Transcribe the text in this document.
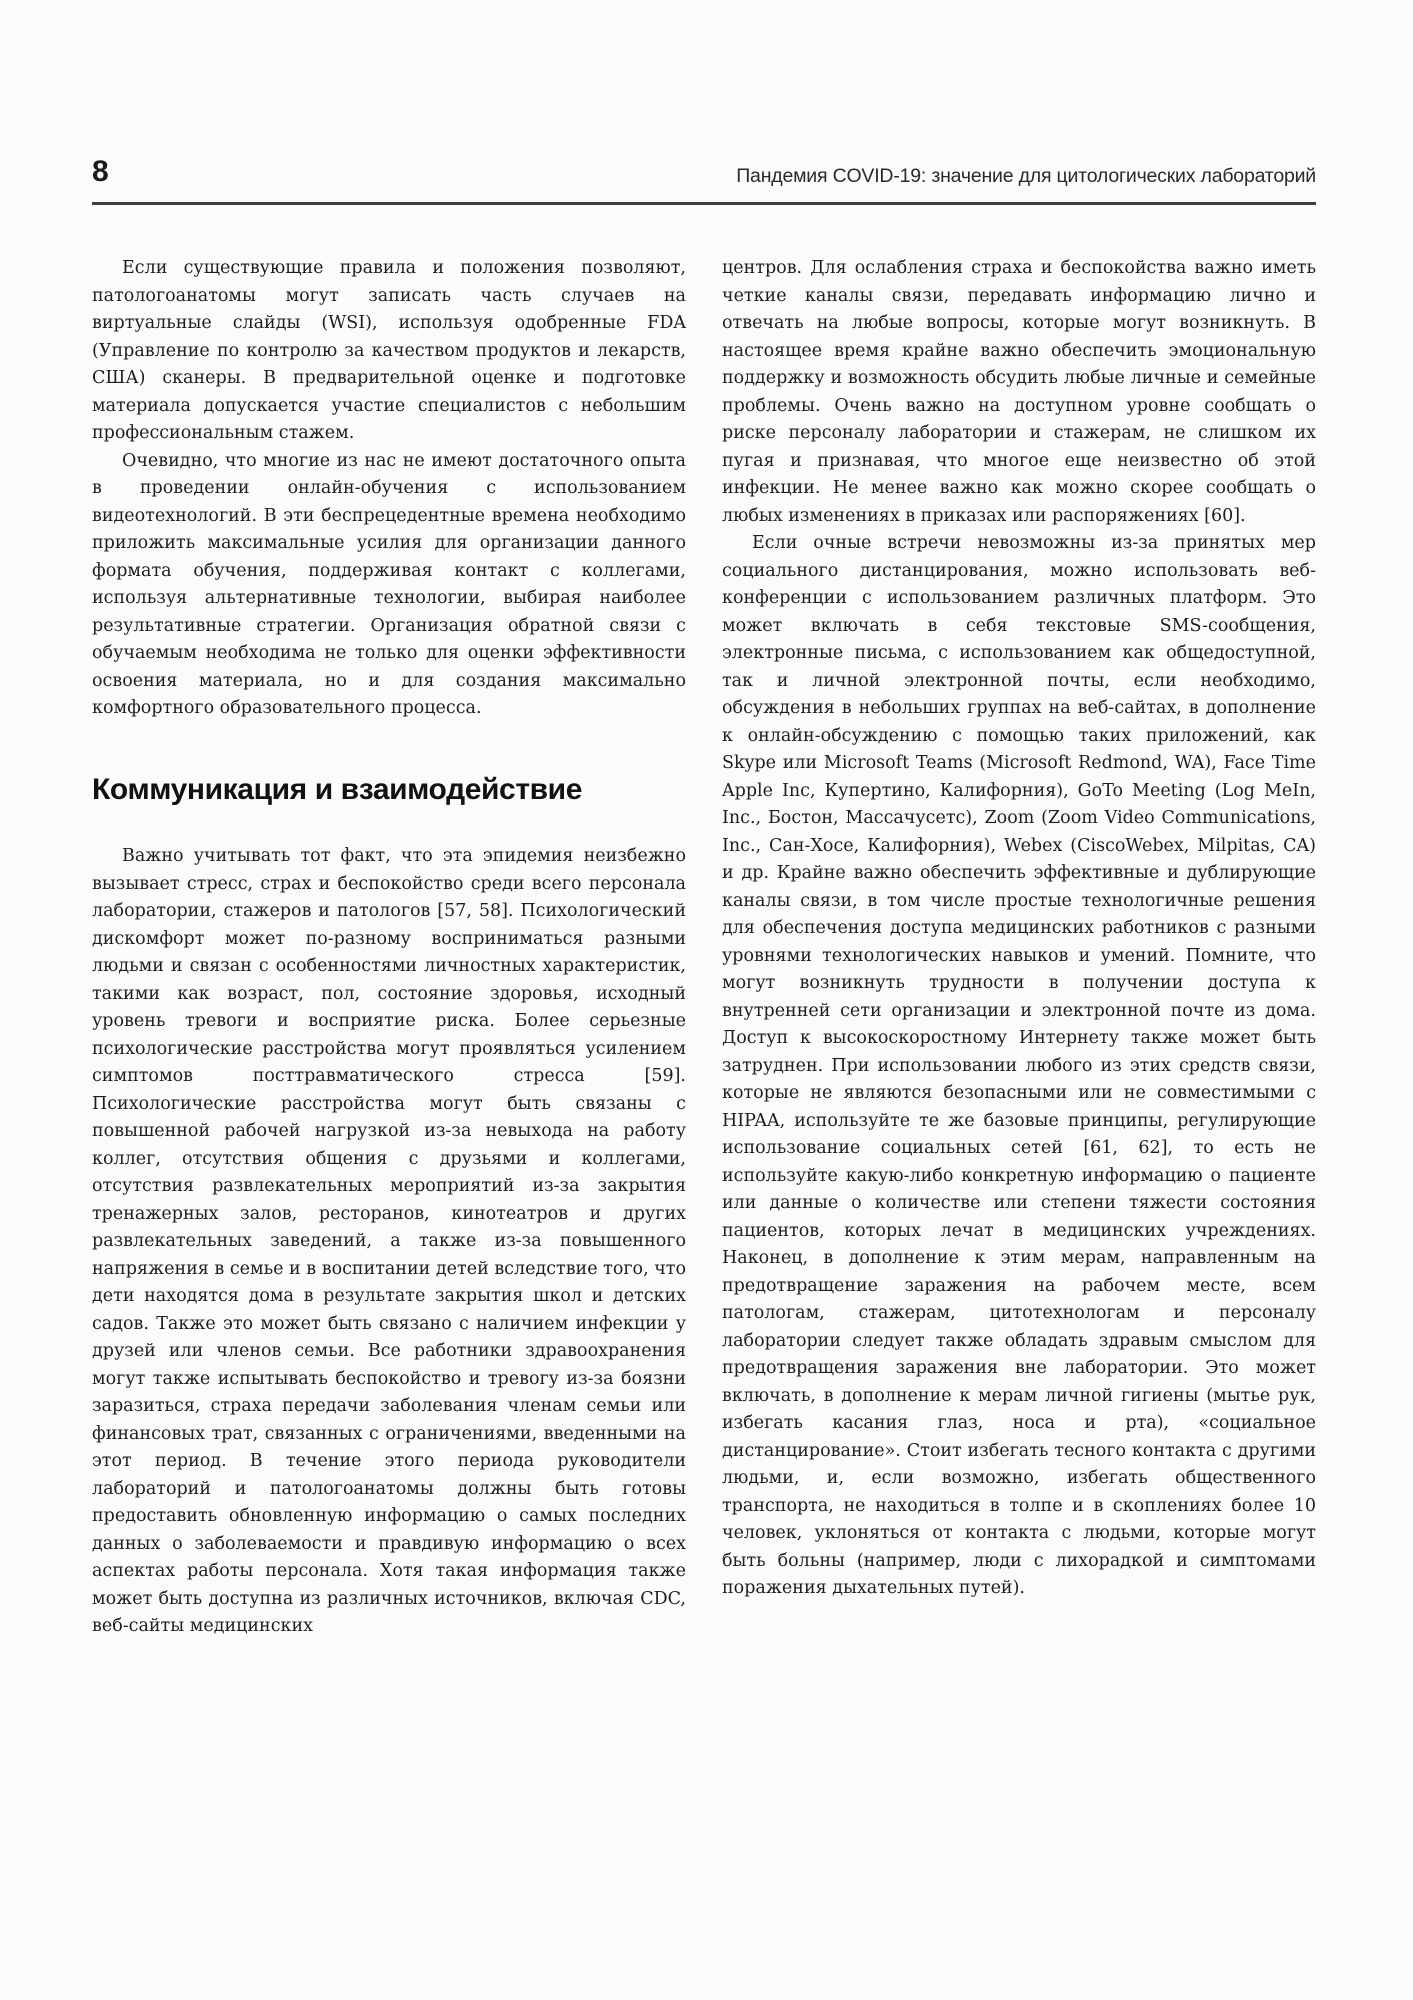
8	Пандемия COVID-19: значение для цитологических лабораторий

Если существующие правила и положения позволяют, патологоанатомы могут записать часть случаев на виртуальные слайды (WSI), используя одобренные FDA (Управление по контролю за качеством продуктов и лекарств, США) сканеры. В предварительной оценке и подготовке материала допускается участие специалистов с небольшим профессиональным стажем.

Очевидно, что многие из нас не имеют достаточного опыта в проведении онлайн-обучения с использованием видеотехнологий. В эти беспрецедентные времена необходимо приложить максимальные усилия для организации данного формата обучения, поддерживая контакт с коллегами, используя альтернативные технологии, выбирая наиболее результативные стратегии. Организация обратной связи с обучаемым необходима не только для оценки эффективности освоения материала, но и для создания максимально комфортного образовательного процесса.

Коммуникация и взаимодействие

Важно учитывать тот факт, что эта эпидемия неизбежно вызывает стресс, страх и беспокойство среди всего персонала лаборатории, стажеров и патологов [57, 58]. Психологический дискомфорт может по-разному восприниматься разными людьми и связан с особенностями личностных характеристик, такими как возраст, пол, состояние здоровья, исходный уровень тревоги и восприятие риска. Более серьезные психологические расстройства могут проявляться усилением симптомов посттравматического стресса [59]. Психологические расстройства могут быть связаны с повышенной рабочей нагрузкой из-за невыхода на работу коллег, отсутствия общения с друзьями и коллегами, отсутствия развлекательных мероприятий из-за закрытия тренажерных залов, ресторанов, кинотеатров и других развлекательных заведений, а также из-за повышенного напряжения в семье и в воспитании детей вследствие того, что дети находятся дома в результате закрытия школ и детских садов. Также это может быть связано с наличием инфекции у друзей или членов семьи. Все работники здравоохранения могут также испытывать беспокойство и тревогу из-за боязни заразиться, страха передачи заболевания членам семьи или финансовых трат, связанных с ограничениями, введенными на этот период. В течение этого периода руководители лабораторий и патологоанатомы должны быть готовы предоставить обновленную информацию о самых последних данных о заболеваемости и правдивую информацию о всех аспектах работы персонала. Хотя такая информация также может быть доступна из различных источников, включая CDC, веб-сайты медицинских

центров. Для ослабления страха и беспокойства важно иметь четкие каналы связи, передавать информацию лично и отвечать на любые вопросы, которые могут возникнуть. В настоящее время крайне важно обеспечить эмоциональную поддержку и возможность обсудить любые личные и семейные проблемы. Очень важно на доступном уровне сообщать о риске персоналу лаборатории и стажерам, не слишком их пугая и признавая, что многое еще неизвестно об этой инфекции. Не менее важно как можно скорее сообщать о любых изменениях в приказах или распоряжениях [60].

Если очные встречи невозможны из-за принятых мер социального дистанцирования, можно использовать веб-конференции с использованием различных платформ. Это может включать в себя текстовые SMS-сообщения, электронные письма, с использованием как общедоступной, так и личной электронной почты, если необходимо, обсуждения в небольших группах на веб-сайтах, в дополнение к онлайн-обсуждению с помощью таких приложений, как Skype или Microsoft Teams (Microsoft Redmond, WA), Face Time Apple Inc, Купертино, Калифорния), GoTo Meeting (Log MeIn, Inc., Бостон, Массачусетс), Zoom (Zoom Video Communications, Inc., Сан-Хосе, Калифорния), Webex (CiscoWebex, Milpitas, CA) и др. Крайне важно обеспечить эффективные и дублирующие каналы связи, в том числе простые технологичные решения для обеспечения доступа медицинских работников с разными уровнями технологических навыков и умений. Помните, что могут возникнуть трудности в получении доступа к внутренней сети организации и электронной почте из дома. Доступ к высокоскоростному Интернету также может быть затруднен. При использовании любого из этих средств связи, которые не являются безопасными или не совместимыми с HIPAA, используйте те же базовые принципы, регулирующие использование социальных сетей [61, 62], то есть не используйте какую-либо конкретную информацию о пациенте или данные о количестве или степени тяжести состояния пациентов, которых лечат в медицинских учреждениях. Наконец, в дополнение к этим мерам, направленным на предотвращение заражения на рабочем месте, всем патологам, стажерам, цитотехнологам и персоналу лаборатории следует также обладать здравым смыслом для предотвращения заражения вне лаборатории. Это может включать, в дополнение к мерам личной гигиены (мытье рук, избегать касания глаз, носа и рта), «социальное дистанцирование». Стоит избегать тесного контакта с другими людьми, и, если возможно, избегать общественного транспорта, не находиться в толпе и в скоплениях более 10 человек, уклоняться от контакта с людьми, которые могут быть больны (например, люди с лихорадкой и симптомами поражения дыхательных путей).
